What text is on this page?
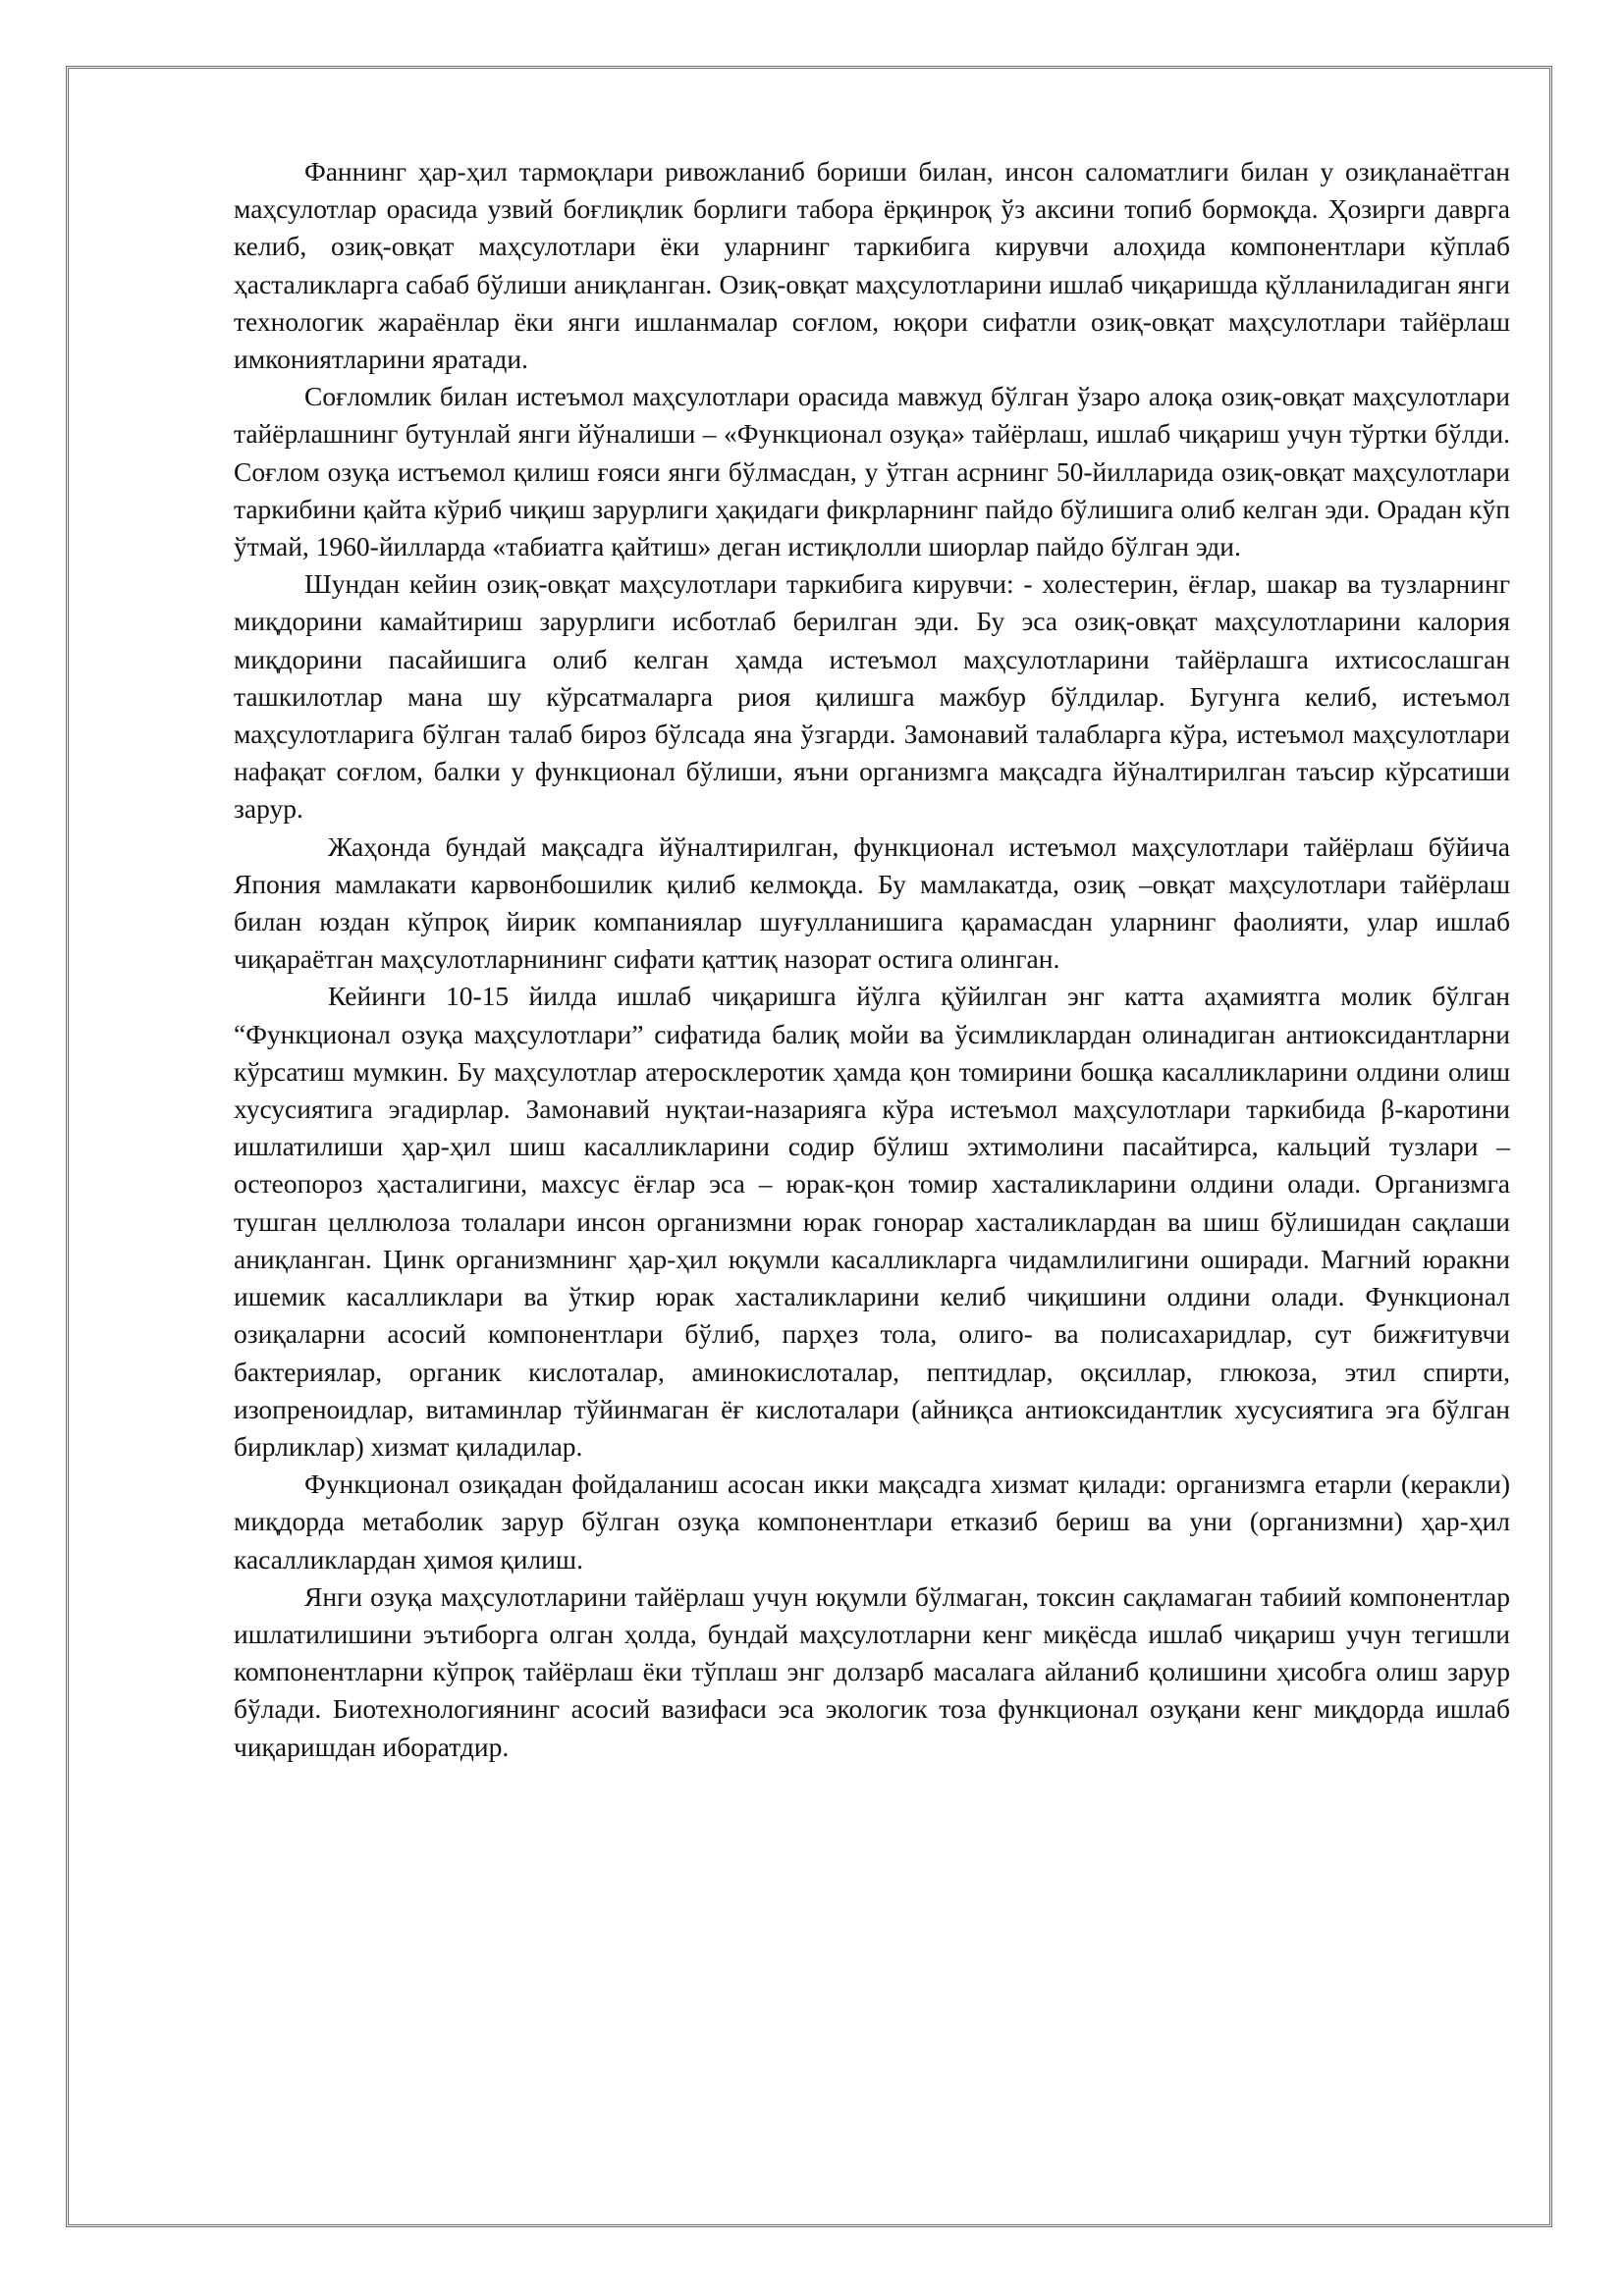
Фаннинг ҳар-ҳил тармоқлари ривожланиб бориши билан, инсон саломатлиги билан у озиқланаётган маҳсулотлар орасида узвий боғлиқлик борлиги табора ёрқинроқ ўз аксини топиб бормоқда. Ҳозирги даврга келиб, озиқ-овқат маҳсулотлари ёки уларнинг таркибига кирувчи алоҳида компонентлари кўплаб ҳасталикларга сабаб бўлиши аниқланган. Озиқ-овқат маҳсулотларини ишлаб чиқаришда қўлланиладиган янги технологик жараёнлар ёки янги ишланмалар соғлом, юқори сифатли озиқ-овқат маҳсулотлари тайёрлаш имкониятларини яратади.

Соғломлик билан истеъмол маҳсулотлари орасида мавжуд бўлган ўзаро алоқа озиқ-овқат маҳсулотлари тайёрлашнинг бутунлай янги йўналиши – «Функционал озуқа» тайёрлаш, ишлаб чиқариш учун тўртки бўлди. Соғлом озуқа истъемол қилиш ғояси янги бўлмасдан, у ўтган асрнинг 50-йилларида озиқ-овқат маҳсулотлари таркибини қайта кўриб чиқиш зарурлиги ҳақидаги фикрларнинг пайдо бўлишига олиб келган эди. Орадан кўп ўтмай, 1960-йилларда «табиатга қайтиш» деган истиқлолли шиорлар пайдо бўлган эди.

Шундан кейин озиқ-овқат маҳсулотлари таркибига кирувчи: - холестерин, ёғлар, шакар ва тузларнинг миқдорини камайтириш зарурлиги исботлаб берилган эди. Бу эса озиқ-овқат маҳсулотларини калория миқдорини пасайишига олиб келган ҳамда истеъмол маҳсулотларини тайёрлашга ихтисослашган ташкилотлар мана шу кўрсатмаларга риоя қилишга мажбур бўлдилар. Бугунга келиб, истеъмол маҳсулотларига бўлган талаб бироз бўлсада яна ўзгарди. Замонавий талабларга кўра, истеъмол маҳсулотлари нафақат соғлом, балки у функционал бўлиши, яъни организмга мақсадга йўналтирилган таъсир кўрсатиши зарур.

Жаҳонда бундай мақсадга йўналтирилган, функционал истеъмол маҳсулотлари тайёрлаш бўйича Япония мамлакати карвонбошилик қилиб келмоқда. Бу мамлакатда, озиқ –овқат маҳсулотлари тайёрлаш билан юздан кўпроқ йирик компаниялар шуғулланишига қарамасдан уларнинг фаолияти, улар ишлаб чиқараётган маҳсулотларнининг сифати қаттиқ назорат остига олинган.

Кейинги 10-15 йилда ишлаб чиқаришга йўлга қўйилган энг катта аҳамиятга молик бўлган “Функционал озуқа маҳсулотлари” сифатида балиқ мойи ва ўсимликлардан олинадиган антиоксидантларни кўрсатиш мумкин. Бу маҳсулотлар атеросклеротик ҳамда қон томирини бошқа касалликларини олдини олиш хусусиятига эгадирлар. Замонавий нуқтаи-назарияга кўра истеъмол маҳсулотлари таркибида β-каротини ишлатилиши ҳар-ҳил шиш касалликларини содир бўлиш эхтимолини пасайтирса, кальций тузлари – остеопороз ҳасталигини, махсус ёғлар эса – юрак-қон томир хасталикларини олдини олади. Организмга тушган целлюлоза толалари инсон организмни юрак гонорар хасталиклардан ва шиш бўлишидан сақлаши аниқланган. Цинк организмнинг ҳар-ҳил юқумли касалликларга чидамлилигини оширади. Магний юракни ишемик касалликлари ва ўткир юрак хасталикларини келиб чиқишини олдини олади. Функционал озиқаларни асосий компонентлари бўлиб, парҳез тола, олиго- ва полисахаридлар, сут бижғитувчи бактериялар, органик кислоталар, аминокислоталар, пептидлар, оқсиллар, глюкоза, этил спирти, изопреноидлар, витаминлар тўйинмаган ёғ кислоталари (айниқса антиоксидантлик хусусиятига эга бўлган бирликлар) хизмат қиладилар.

Функционал озиқадан фойдаланиш асосан икки мақсадга хизмат қилади: организмга етарли (керакли) миқдорда метаболик зарур бўлган озуқа компонентлари етказиб бериш ва уни (организмни) ҳар-ҳил касалликлардан ҳимоя қилиш.

Янги озуқа маҳсулотларини тайёрлаш учун юқумли бўлмаган, токсин сақламаган табиий компонентлар ишлатилишини эътиборга олган ҳолда, бундай маҳсулотларни кенг миқёсда ишлаб чиқариш учун тегишли компонентларни кўпроқ тайёрлаш ёки тўплаш энг долзарб масалага айланиб қолишини ҳисобга олиш зарур бўлади. Биотехнологиянинг асосий вазифаси эса экологик тоза функционал озуқани кенг миқдорда ишлаб чиқаришдан иборатдир.
